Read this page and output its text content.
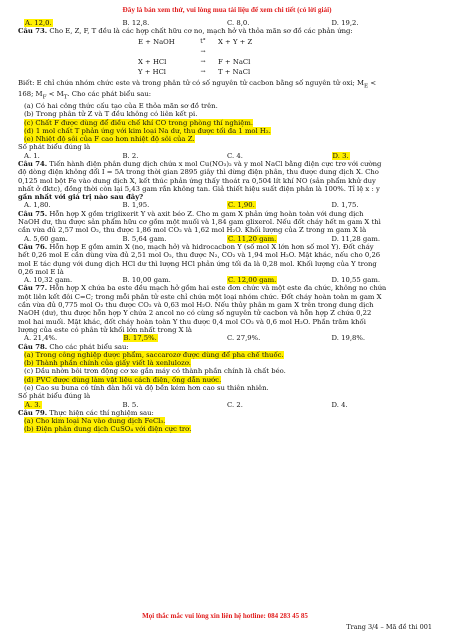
Đây là bản xem thử, vui lòng mua tài liệu để xem chi tiết (có lời giải)
A. 12,0.	B. 12,8.	C. 8,0.	D. 19,2.
Câu 73. Cho E, Z, F, T đều là các hợp chất hữu cơ no, mạch hở và thỏa mãn sơ đồ các phản ứng:
E + NaOH	t°
→
X + Y + Z
X + HCl	→	F + NaCl
Y + HCl	→	T + NaCl
Biết: E chỉ chứa nhóm chức este và trong phân tử có số nguyên tử cacbon bằng số nguyên tử oxi; $M_E$ <
168; $M_F < M_T$. Cho các phát biểu sau:
(a) Có hai công thức cấu tạo của E thỏa mãn sơ đồ trên.
(b) Trong phân tử Z và T đều không có liên kết pi.
(c) Chất F được dùng để điều chế khí CO trong phòng thí nghiệm.
(d) 1 mol chất T phản ứng với kim loại Na dư, thu được tối đa 1 mol H₂.
(e) Nhiệt độ sôi của F cao hơn nhiệt độ sôi của Z.
Số phát biểu đúng là
A. 1.	B. 2.	C. 4.	D. 3.
Câu 74. Tiến hành điện phân dung dịch chứa x mol Cu(NO₃)₂ và y mol NaCl bằng điện cực trơ với cường
độ dòng điện không đổi I = 5A trong thời gian 2895 giây thì dừng điện phân, thu được dung dịch X. Cho
0,125 mol bột Fe vào dung dịch X, kết thúc phản ứng thấy thoát ra 0,504 lít khí NO (sản phẩm khử duy
nhất ở đktc), đồng thời còn lại 5,43 gam rắn không tan. Giả thiết hiệu suất điện phân là 100%. Tỉ lệ x : y
gần nhất với giá trị nào sau đây?
A. 1,80.	B. 1,95.	C. 1,90.	D. 1,75.
Câu 75. Hỗn hợp X gồm triglixerit Y và axit béo Z. Cho m gam X phản ứng hoàn toàn với dung dịch
NaOH dư, thu được sản phẩm hữu cơ gồm một muối và 1,84 gam glixerol. Nếu đốt cháy hết m gam X thì
cần vừa đủ 2,57 mol O₂, thu được 1,86 mol CO₂ và 1,62 mol H₂O. Khối lượng của Z trong m gam X là
A. 5,60 gam.	B. 5,64 gam.	C. 11,20 gam.	D. 11,28 gam.
Câu 76. Hỗn hợp E gồm amin X (no, mạch hở) và hidrocacbon Y (số mol X lớn hơn số mol Y). Đốt cháy
hết 0,26 mol E cần dùng vừa đủ 2,51 mol O₂, thu được N₂, CO₂ và 1,94 mol H₂O. Mặt khác, nếu cho 0,26
mol E tác dụng với dung dịch HCl dư thì lượng HCl phản ứng tối đa là 0,28 mol. Khối lượng của Y trong
0,26 mol E là
A. 10,32 gam.	B. 10,00 gam.	C. 12,00 gam.	D. 10,55 gam.
Câu 77. Hỗn hợp X chứa ba este đều mạch hở gồm hai este đơn chức và một este đa chức, không no chứa
một liên kết đôi C=C; trong mỗi phân tử este chỉ chứa một loại nhóm chức. Đốt cháy hoàn toàn m gam X
cần vừa đủ 0,775 mol O₂ thu được CO₂ và 0,63 mol H₂O. Nếu thủy phân m gam X trên trong dung dịch
NaOH (dư), thu được hỗn hợp Y chứa 2 ancol no có cùng số nguyên tử cacbon và hỗn hợp Z chứa 0,22
mol hai muối. Mặt khác, đốt cháy hoàn toàn Y thu được 0,4 mol CO₂ và 0,6 mol H₂O. Phần trăm khối
lượng của este có phân tử khối lớn nhất trong X là
A. 21,4%.	B. 17,5%.	C. 27,9%.	D. 19,8%.
Câu 78. Cho các phát biểu sau:
(a) Trong công nghiệp dược phẩm, saccarozơ được dùng để pha chế thuốc.
(b) Thành phần chính của giấy viết là xenlulozơ.
(c) Dầu nhờn bôi trơn động cơ xe gắn máy có thành phần chính là chất béo.
(d) PVC được dùng làm vật liệu cách điện, ống dẫn nước.
(e) Cao su buna có tính đàn hồi và độ bền kém hơn cao su thiên nhiên.
Số phát biểu đúng là
A. 3.	B. 5.	C. 2.	D. 4.
Câu 79. Thực hiện các thí nghiệm sau:
(a) Cho kim loại Na vào dung dịch FeCl₃.
(b) Điện phân dung dịch CuSO₄ với điện cực trơ.
Mọi thắc mắc vui lòng xin liên hệ hotline: 084 283 45 85
Trang 3/4 – Mã đề thi 001
